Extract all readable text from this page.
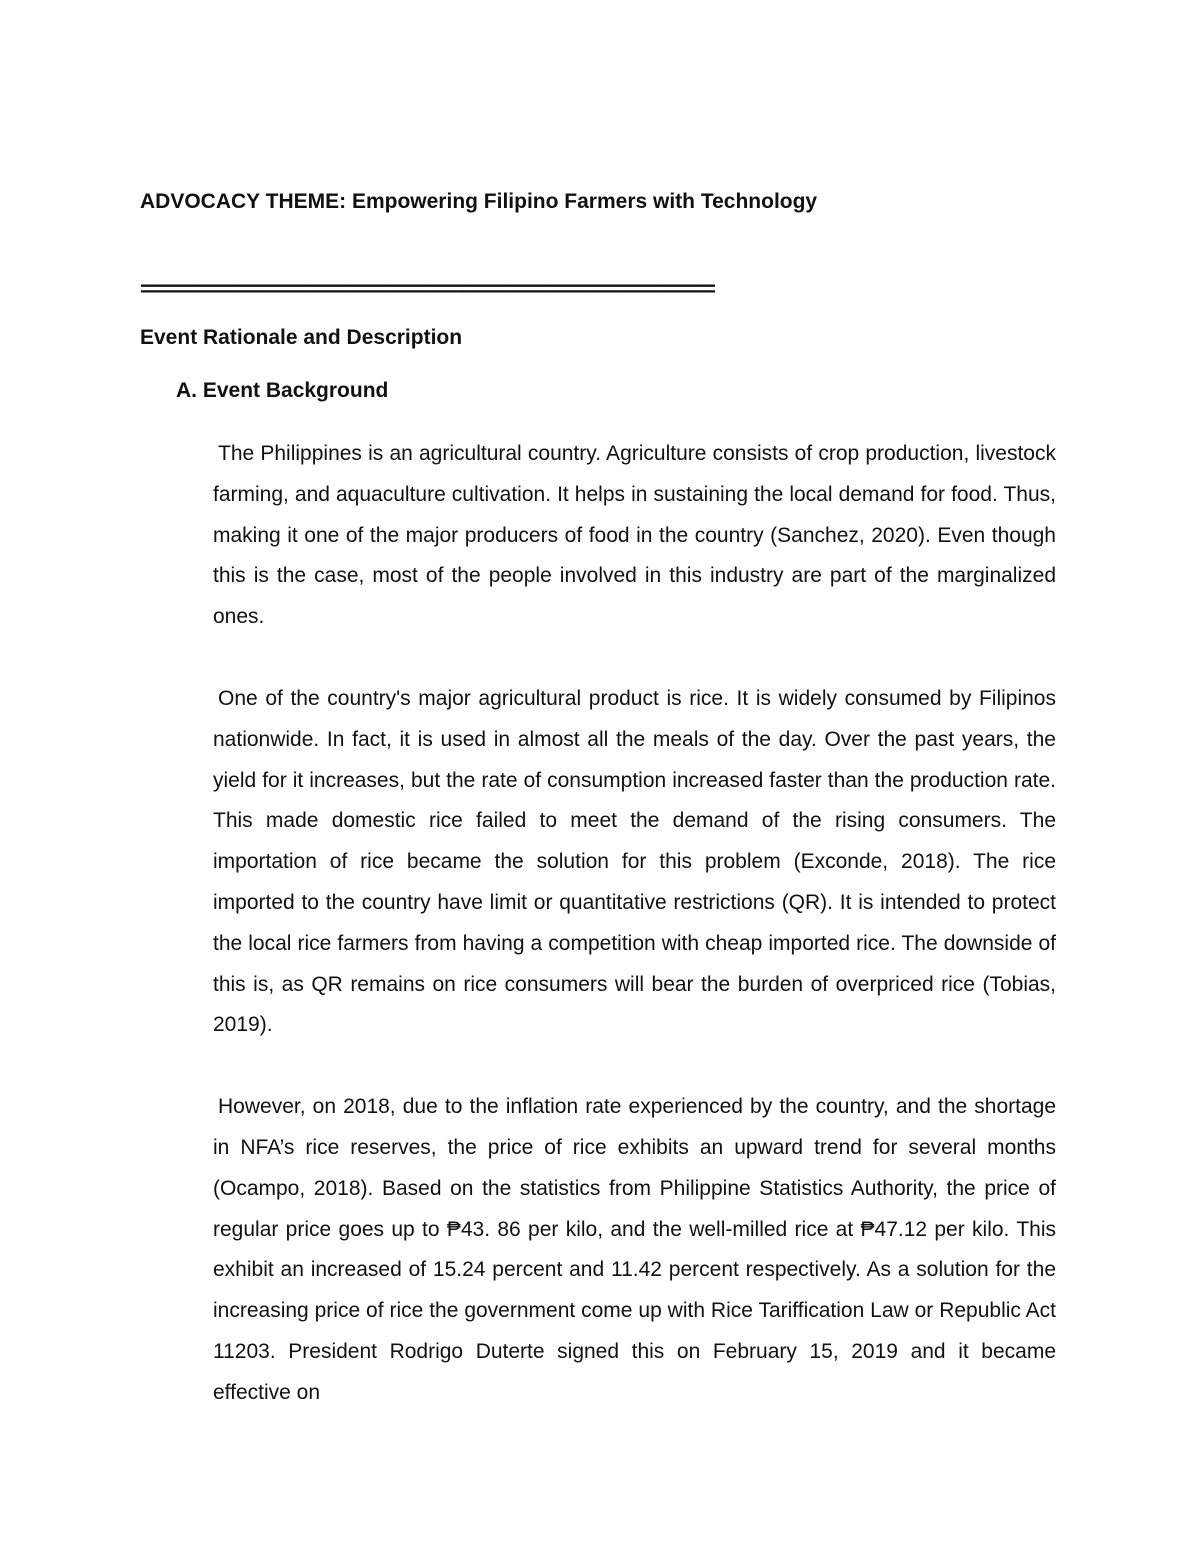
ADVOCACY THEME: Empowering Filipino Farmers with Technology
=========================================================
Event Rationale and Description
A. Event Background

The Philippines is an agricultural country. Agriculture consists of crop production, livestock farming, and aquaculture cultivation. It helps in sustaining the local demand for food. Thus, making it one of the major producers of food in the country (Sanchez, 2020). Even though this is the case, most of the people involved in this industry are part of the marginalized ones.

One of the country's major agricultural product is rice. It is widely consumed by Filipinos nationwide. In fact, it is used in almost all the meals of the day. Over the past years, the yield for it increases, but the rate of consumption increased faster than the production rate. This made domestic rice failed to meet the demand of the rising consumers. The importation of rice became the solution for this problem (Exconde, 2018). The rice imported to the country have limit or quantitative restrictions (QR). It is intended to protect the local rice farmers from having a competition with cheap imported rice. The downside of this is, as QR remains on rice consumers will bear the burden of overpriced rice (Tobias, 2019).

However, on 2018, due to the inflation rate experienced by the country, and the shortage in NFA’s rice reserves, the price of rice exhibits an upward trend for several months (Ocampo, 2018). Based on the statistics from Philippine Statistics Authority, the price of regular price goes up to ₱43. 86 per kilo, and the well-milled rice at ₱47.12 per kilo. This exhibit an increased of 15.24 percent and 11.42 percent respectively. As a solution for the increasing price of rice the government come up with Rice Tariffication Law or Republic Act 11203. President Rodrigo Duterte signed this on February 15, 2019 and it became effective on
